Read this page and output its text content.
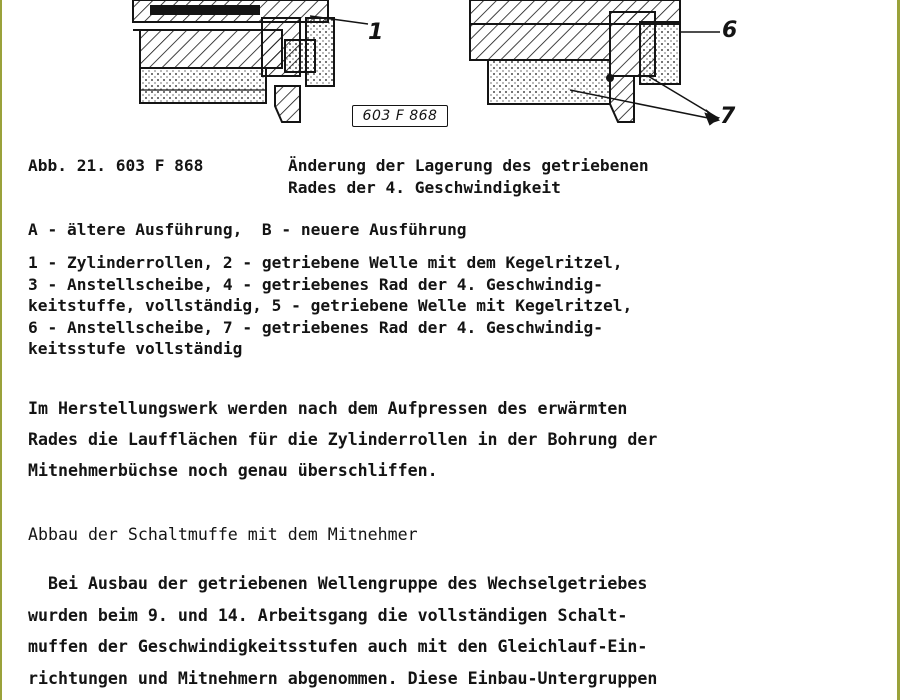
603 F 868
1	6
7
Abb. 21. 603 F 868	Änderung der Lagerung des getriebenen
Rades der 4. Geschwindigkeit
A - ältere Ausführung,  B - neuere Ausführung
1 - Zylinderrollen, 2 - getriebene Welle mit dem Kegelritzel,
3 - Anstellscheibe, 4 - getriebenes Rad der 4. Geschwindig-
keitstuffe, vollständig, 5 - getriebene Welle mit Kegelritzel,
6 - Anstellscheibe, 7 - getriebenes Rad der 4. Geschwindig-
keitsstufe vollständig
Im Herstellungswerk werden nach dem Aufpressen des erwärmten
Rades die Laufflächen für die Zylinderrollen in der Bohrung der
Mitnehmerbüchse noch genau überschliffen.
Abbau der Schaltmuffe mit dem Mitnehmer
Bei Ausbau der getriebenen Wellengruppe des Wechselgetriebes
wurden beim 9. und 14. Arbeitsgang die vollständigen Schalt-
muffen der Geschwindigkeitsstufen auch mit den Gleichlauf-Ein-
richtungen und Mitnehmern abgenommen. Diese Einbau-Untergruppen
